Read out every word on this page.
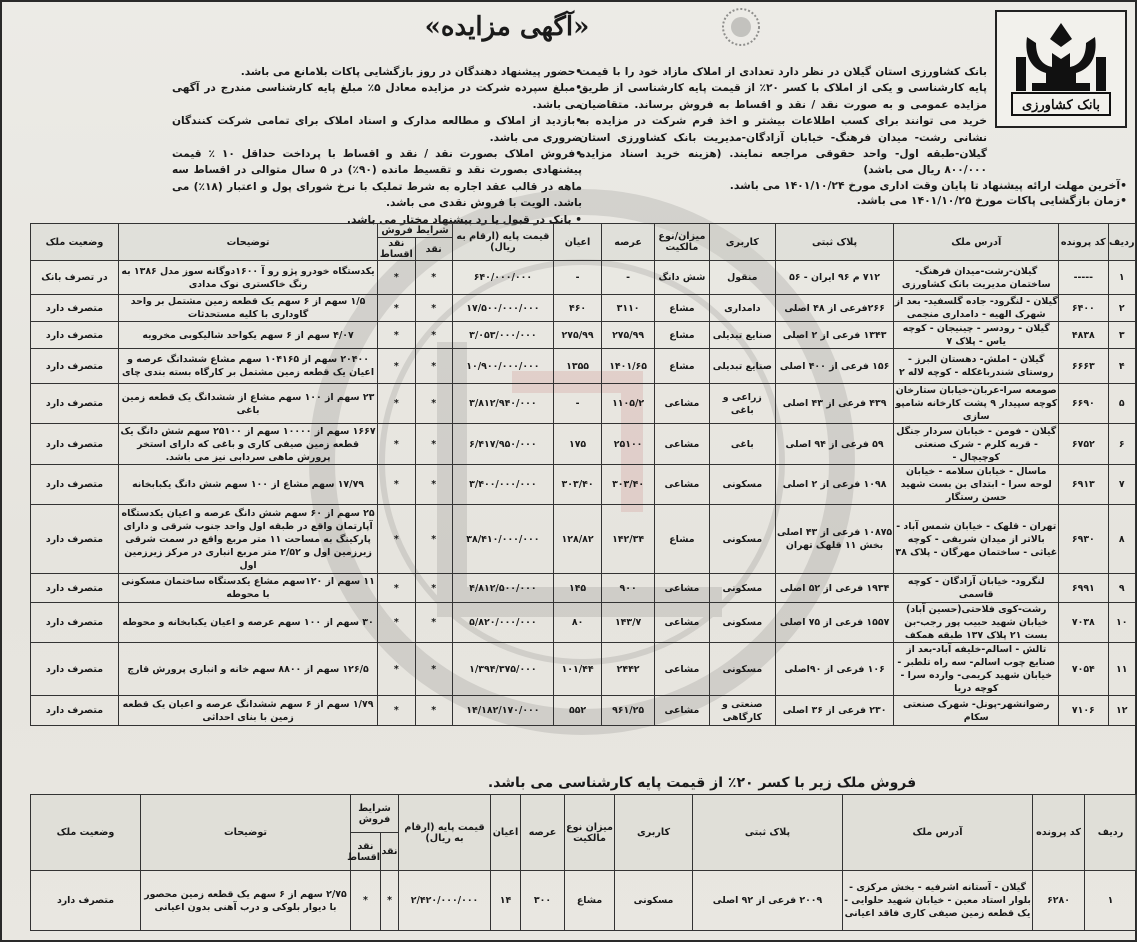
بانک کشاورزی
«آگهی مزایده»
بانک کشاورزی استان گیلان در نظر دارد تعدادی از املاک مازاد خود را با قیمت پایه کارشناسی و یکی از املاک با کسر ۲۰٪ از قیمت پایه کارشناسی از طریق مزایده عمومی و به صورت نقد / نقد و اقساط به فروش برساند. متقاضیان خرید می توانند برای کسب اطلاعات بیشتر و اخذ فرم شرکت در مزایده به نشانی رشت- میدان فرهنگ- خیابان آزادگان-مدیریت بانک کشاورزی استان گیلان-طبقه اول- واحد حقوقی مراجعه نمایند. (هزینه خرید اسناد مزایده ۸۰۰/۰۰۰ ریال می باشد)
•حضور پیشنهاد دهندگان در روز بازگشایی پاکات بلامانع می باشد.
•مبلغ سپرده شرکت در مزایده معادل ۵٪ مبلغ پایه کارشناسی مندرج در آگهی می باشد.
•بازدید از املاک و مطالعه مدارک و اسناد املاک برای تمامی شرکت کنندگان ضروری می باشد.
•فروش املاک بصورت نقد / نقد و اقساط با پرداخت حداقل ۱۰ ٪ قیمت پیشنهادی بصورت نقد و تقسیط مانده (۹۰٪) در ۵ سال متوالی در اقساط سه ماهه در قالب عقد اجاره به شرط تملیک با نرخ شورای پول و اعتبار (۱۸٪) می باشد. الویت با فروش نقدی می باشد.
• بانک در قبول یا رد پیشنهاد مختار می باشد.
•آخرین مهلت ارائه پیشنهاد تا پایان وقت اداری مورخ ۱۴۰۱/۱۰/۲۴ می باشد.
•زمان بازگشایی پاکات مورخ ۱۴۰۱/۱۰/۲۵ می باشد.
ردیف	کد پرونده	آدرس ملک	پلاک ثبتی	کاربری	میزان/نوع مالکیت	عرصه	اعیان	قیمت پایه (ارقام به ریال)	شرایط فروش		توضیحات	وضعیت ملک
									نقد	نقد اقساط		
۱	-----	گیلان-رشت-میدان فرهنگ- ساختمان مدیریت بانک کشاورزی	۷۱۲ م ۹۶ ایران - ۵۶	منقول	شش دانگ	-	-	۶۴۰/۰۰۰/۰۰۰	*	*	یکدستگاه خودرو پژو رو آ ۱۶۰۰دوگانه سوز مدل ۱۳۸۶ به رنگ خاکستری نوک مدادی	در تصرف بانک
۲	۶۴۰۰	گیلان - لنگرود- جاده گلسفید- بعد از شهرک الهیه - دامداری منجمی	۲۶۶فرعی از ۴۸ اصلی	دامداری	مشاع	۳۱۱۰	۴۶۰	۱۷/۵۰۰/۰۰۰/۰۰۰	*	*	۱/۵ سهم از ۶ سهم یک قطعه زمین مشتمل بر واحد گاوداری با کلیه مستحدثات	متصرف دارد
۳	۴۸۳۸	گیلان - رودسر - چینیجان - کوچه یاس - پلاک ۷	۱۳۴۳ فرعی از ۲ اصلی	صنایع تبدیلی	مشاع	۲۷۵/۹۹	۲۷۵/۹۹	۳/۰۵۳/۰۰۰/۰۰۰	*	*	۴/۰۷ سهم از ۶ سهم یکواحد شالیکوبی مخروبه	متصرف دارد
۴	۶۶۶۳	گیلان - املش- دهستان البرز - روستای شندرباغکله - کوچه لاله ۲	۱۵۶ فرعی از ۴۰۰ اصلی	صنایع تبدیلی	مشاع	۱۴۰۱/۶۵	۱۳۵۵	۱۰/۹۰۰/۰۰۰/۰۰۰	*	*	۲۰۴۰۰ سهم از ۱۰۴۱۶۵ سهم مشاع ششدانگ عرصه و اعیان یک قطعه زمین مشتمل بر کارگاه بسته بندی چای	متصرف دارد
۵	۶۶۹۰	صومعه سرا-عربان-خیابان ستارخان کوچه سپیدار ۹ پشت کارخانه شامپو سازی	۴۳۹ فرعی از ۴۳ اصلی	زراعی و باغی	مشاعی	۱۱۰۵/۲	-	۳/۸۱۲/۹۴۰/۰۰۰	*	*	۲۳ سهم از ۱۰۰ سهم مشاع از ششدانگ یک قطعه زمین باغی	متصرف دارد
۶	۶۷۵۲	گیلان - فومن - خیابان سردار جنگل - قریه کلرم - شرک صنعتی کوچیچال -	۵۹ فرعی از ۹۴ اصلی	باغی	مشاعی	۲۵۱۰۰	۱۷۵	۶/۴۱۷/۹۵۰/۰۰۰	*	*	۱۶۶۷ سهم از ۱۰۰۰۰ سهم از ۲۵۱۰۰ سهم شش دانگ یک قطعه زمین صیفی کاری و باغی که دارای استخر پرورش ماهی سردابی نیز می باشد.	متصرف دارد
۷	۶۹۱۳	ماسال - خیابان سلامه - خیابان لوحه سرا - ابتدای بن بست شهید حسن رستگار	۱۰۹۸ فرعی از ۲ اصلی	مسکونی	مشاعی	۳۰۳/۴۰	۳۰۳/۴۰	۳/۴۰۰/۰۰۰/۰۰۰	*	*	۱۷/۷۹ سهم مشاع از ۱۰۰ سهم شش دانگ یکبابخانه	متصرف دارد
۸	۶۹۳۰	تهران - قلهک - خیابان شمس آباد - بالاتر از میدان شریفی - کوچه غیاثی - ساختمان مهرگان - پلاک ۳۸	۱۰۸۷۵ فرعی از ۴۳ اصلی بخش ۱۱ قلهک تهران	مسکونی	مشاع	۱۴۲/۳۴	۱۲۸/۸۲	۳۸/۴۱۰/۰۰۰/۰۰۰	*	*	۲۵ سهم از ۶۰ سهم شش دانگ عرصه و اعیان یکدستگاه آپارتمان واقع در طبقه اول واحد جنوب شرقی و دارای پارکینگ به مساحت ۱۱ متر مربع واقع در سمت شرقی زیرزمین اول و ۲/۵۲ متر مربع انباری در مرکز زیرزمین اول	متصرف دارد
۹	۶۹۹۱	لنگرود- خیابان آزادگان - کوچه قاسمی	۱۹۳۴ فرعی از ۵۲ اصلی	مسکونی	مشاعی	۹۰۰	۱۴۵	۴/۸۱۲/۵۰۰/۰۰۰	*	*	۱۱ سهم از ۱۲۰سهم مشاع یکدستگاه ساختمان مسکونی با محوطه	متصرف دارد
۱۰	۷۰۳۸	رشت-کوی فلاحتی(حسین آباد) خیابان شهید حبیب پور رجب-بن بست ۲۱ پلاک ۱۳۷ طبقه همکف	۱۵۵۷ فرعی از ۷۵ اصلی	مسکونی	مشاعی	۱۴۳/۷	۸۰	۵/۸۲۰/۰۰۰/۰۰۰	*	*	۳۰ سهم از ۱۰۰ سهم عرصه و اعیان یکبابخانه و محوطه	متصرف دارد
۱۱	۷۰۵۴	تالش - اسالم-خلیفه آباد-بعد از صنایع چوب اسالم- سه راه تلطبر - خیابان شهید کریمی- وارده سرا - کوچه دریا	۱۰۶ فرعی از ۹۰اصلی	مسکونی	مشاعی	۲۴۴۲	۱۰۱/۴۴	۱/۳۹۴/۳۷۵/۰۰۰	*	*	۱۲۶/۵ سهم از ۸۸۰۰ سهم خانه و انباری پرورش قارچ	متصرف دارد
۱۲	۷۱۰۶	رضوانشهر-پونل- شهرک صنعتی سکام	۲۳۰ فرعی از ۳۶ اصلی	صنعتی و کارگاهی	مشاعی	۹۶۱/۲۵	۵۵۲	۱۴/۱۸۲/۱۷۰/۰۰۰	*	*	۱/۷۹ سهم از ۶ سهم ششدانگ عرصه و اعیان یک قطعه زمین با بنای احداثی	متصرف دارد
فروش ملک زیر با کسر ۲۰٪ از قیمت پایه کارشناسی می باشد.
ردیف	کد پرونده	آدرس ملک	پلاک ثبتی	کاربری	میزان نوع مالکیت	عرصه	اعیان	قیمت پایه (ارقام به ریال)	شرایط فروش		توضیحات	وضعیت ملک
									نقد	نقد اقساط		
۱	۶۲۸۰	گیلان - آستانه اشرفیه - بخش مرکزی - بلوار استاد معین - خیابان شهید حلوایی - یک قطعه زمین صیفی کاری فاقد اعیانی	۲۰۰۹ فرعی از ۹۲ اصلی	مسکونی	مشاع	۳۰۰	۱۴	۲/۴۲۰/۰۰۰/۰۰۰	*	*	۲/۷۵ سهم از ۶ سهم یک قطعه زمین محصور با دیوار بلوکی و درب آهنی بدون اعیانی	متصرف دارد
